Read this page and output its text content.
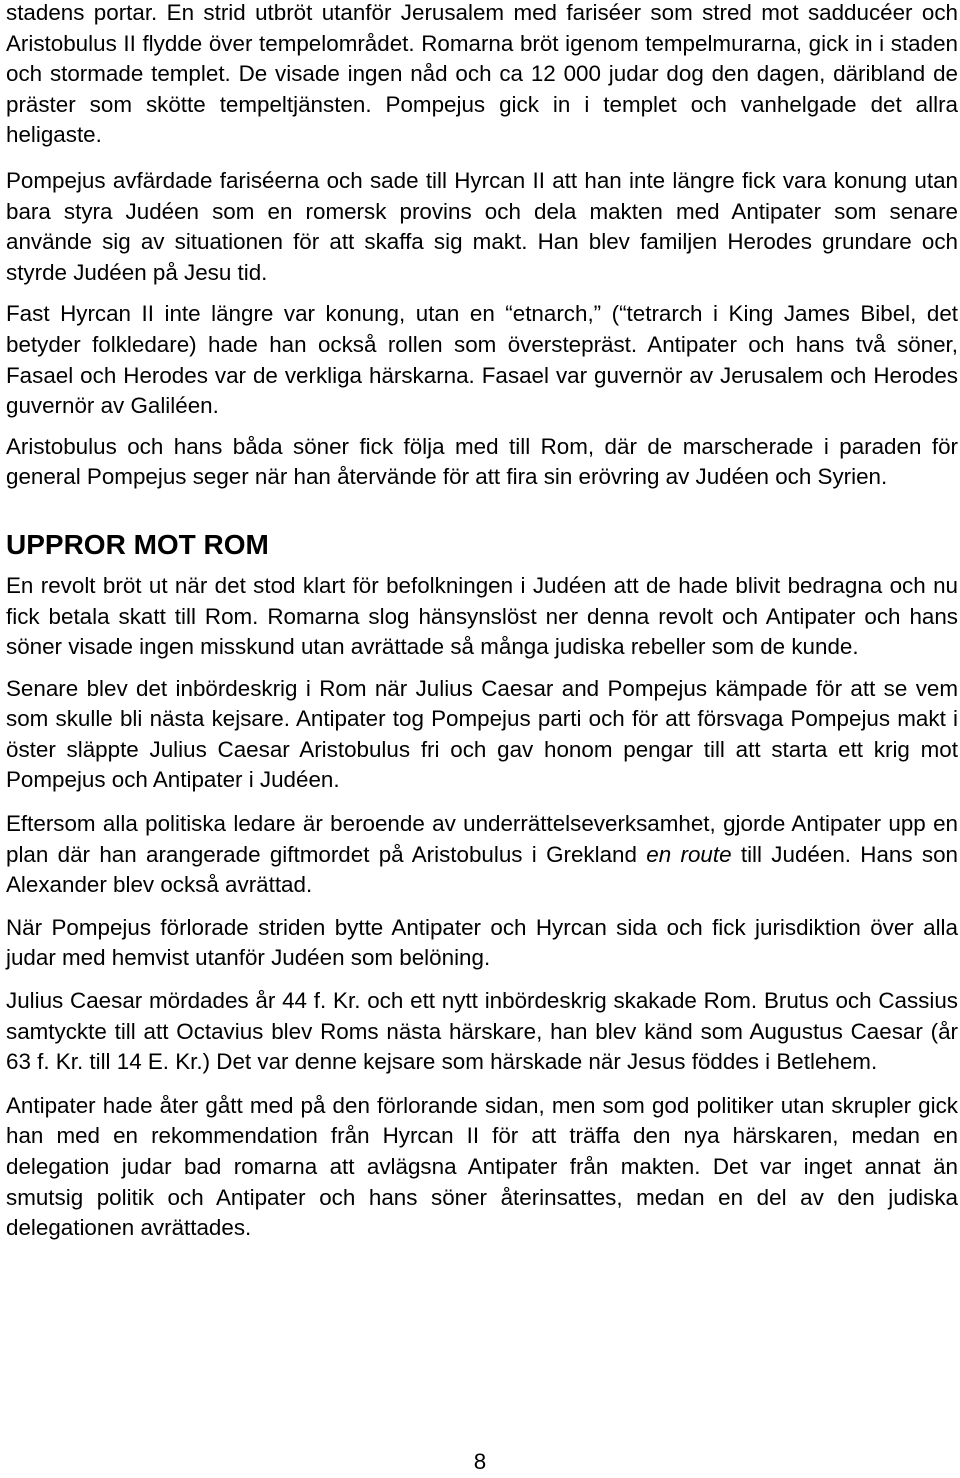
stadens portar. En strid utbröt utanför Jerusalem med fariséer som stred mot sadducéer och Aristobulus II flydde över tempelområdet. Romarna bröt igenom tempelmurarna, gick in i staden och stormade templet. De visade ingen nåd och ca 12 000 judar dog den dagen, däribland de präster som skötte tempeltjänsten. Pompejus gick in i templet och vanhelgade det allra heligaste.

Pompejus avfärdade fariséerna och sade till Hyrcan II att han inte längre fick vara konung utan bara styra Judéen som en romersk provins och dela makten med Antipater som senare använde sig av situationen för att skaffa sig makt. Han blev familjen Herodes grundare och styrde Judéen på Jesu tid.

Fast Hyrcan II inte längre var konung, utan en “etnarch,” (“tetrarch i King James Bibel, det betyder folkledare) hade han också rollen som överstepräst. Antipater och hans två söner, Fasael och Herodes var de verkliga härskarna. Fasael var guvernör av Jerusalem och Herodes guvernör av Galiléen.

Aristobulus och hans båda söner fick följa med till Rom, där de marscherade i paraden för general Pompejus seger när han återvände för att fira sin erövring av Judéen och Syrien.

UPPROR MOT ROM

En revolt bröt ut när det stod klart för befolkningen i Judéen att de hade blivit bedragna och nu fick betala skatt till Rom. Romarna slog hänsynslöst ner denna revolt och Antipater och hans söner visade ingen misskund utan avrättade så många judiska rebeller som de kunde.

Senare blev det inbördeskrig i Rom när Julius Caesar and Pompejus kämpade för att se vem som skulle bli nästa kejsare. Antipater tog Pompejus parti och för att försvaga Pompejus makt i öster släppte Julius Caesar Aristobulus fri och gav honom pengar till att starta ett krig mot Pompejus och Antipater i Judéen.

Eftersom alla politiska ledare är beroende av underrättelseverksamhet, gjorde Antipater upp en plan där han arangerade giftmordet på Aristobulus i Grekland en route till Judéen. Hans son Alexander blev också avrättad.

När Pompejus förlorade striden bytte Antipater och Hyrcan sida och fick jurisdiktion över alla judar med hemvist utanför Judéen som belöning.

Julius Caesar mördades år 44 f. Kr. och ett nytt inbördeskrig skakade Rom. Brutus och Cassius samtyckte till att Octavius blev Roms nästa härskare, han blev känd som Augustus Caesar (år 63 f. Kr. till 14 E. Kr.) Det var denne kejsare som härskade när Jesus föddes i Betlehem.

Antipater hade åter gått med på den förlorande sidan, men som god politiker utan skrupler gick han med en rekommendation från Hyrcan II för att träffa den nya härskaren, medan en delegation judar bad romarna att avlägsna Antipater från makten. Det var inget annat än smutsig politik och Antipater och hans söner återinsattes, medan en del av den judiska delegationen avrättades.

8
